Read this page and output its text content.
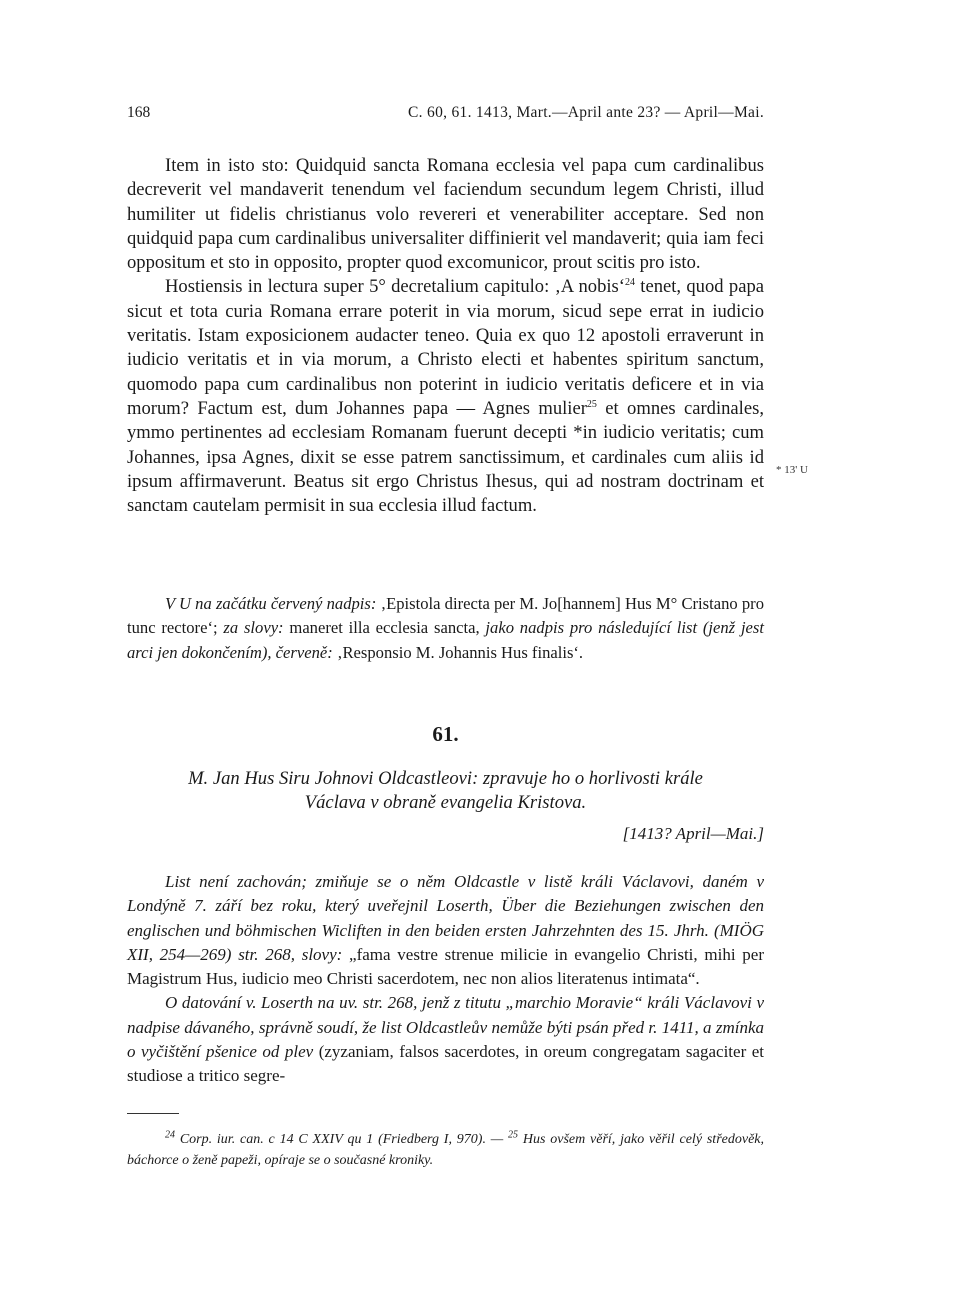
168	C. 60, 61. 1413, Mart.—April ante 23? — April—Mai.

Item in isto sto: Quidquid sancta Romana ecclesia vel papa cum cardinalibus decreverit vel mandaverit tenendum vel faciendum secundum legem Christi, illud humiliter ut fidelis christianus volo revereri et venerabiliter acceptare. Sed non quidquid papa cum cardinalibus universaliter diffinierit vel mandaverit; quia iam feci oppositum et sto in opposito, propter quod excomunicor, prout scitis pro isto.

Hostiensis in lectura super 5° decretalium capitulo: ‚A nobis‘$^{24}$ tenet, quod papa sicut et tota curia Romana errare poterit in via morum, sicud sepe errat in iudicio veritatis. Istam exposicionem audacter teneo. Quia ex quo 12 apostoli erraverunt in iudicio veritatis et in via morum, a Christo electi et habentes spiritum sanctum, quomodo papa cum cardinalibus non poterint in iudicio veritatis deficere et in via morum? Factum est, dum Johannes papa — Agnes mulier$^{25}$ et omnes cardinales, ymmo pertinentes ad ecclesiam Romanam fuerunt decepti *in iudicio veritatis; cum Johannes, ipsa Agnes, dixit se esse patrem sanctissimum, et cardinales cum aliis id ipsum affirmaverunt. Beatus sit ergo Christus Ihesus, qui ad nostram doctrinam et sanctam cautelam permisit in sua ecclesia illud factum.

V U na začátku červený nadpis: ‚Epistola directa per M. Jo[hannem] Hus M° Cristano pro tunc rectore‘; za slovy: maneret illa ecclesia sancta, jako nadpis pro následující list (jenž jest arci jen dokončením), červeně: ‚Responsio M. Johannis Hus finalis‘.

61.
M. Jan Hus Siru Johnovi Oldcastleovi: zpravuje ho o horlivosti krále
Václava v obraně evangelia Kristova.
[1413? April—Mai.]

List není zachován; zmiňuje se o něm Oldcastle v listě králi Václavovi, daném v Londýně 7. září bez roku, který uveřejnil Loserth, Über die Beziehungen zwischen den englischen und böhmischen Wicliften in den beiden ersten Jahrzehnten des 15. Jhrh. (MIÖG XII, 254—269) str. 268, slovy: „fama vestre strenue milicie in evangelio Christi, mihi per Magistrum Hus, iudicio meo Christi sacerdotem, nec non alios literatenus intimata“.

O datování v. Loserth na uv. str. 268, jenž z titutu „marchio Moravie“ králi Václavovi v nadpise dávaného, správně soudí, že list Oldcastleův nemůže býti psán před r. 1411, a zmínka o vyčištění pšenice od plev (zyzaniam, falsos sacerdotes, in oreum congregatam sagaciter et studiose a tritico segre-

$^{24}$ Corp. iur. can. c 14 C XXIV qu 1 (Friedberg I, 970). — $^{25}$ Hus ovšem věří, jako věřil celý středověk, báchorce o ženě papeži, opíraje se o současné kroniky.
* 13' U
